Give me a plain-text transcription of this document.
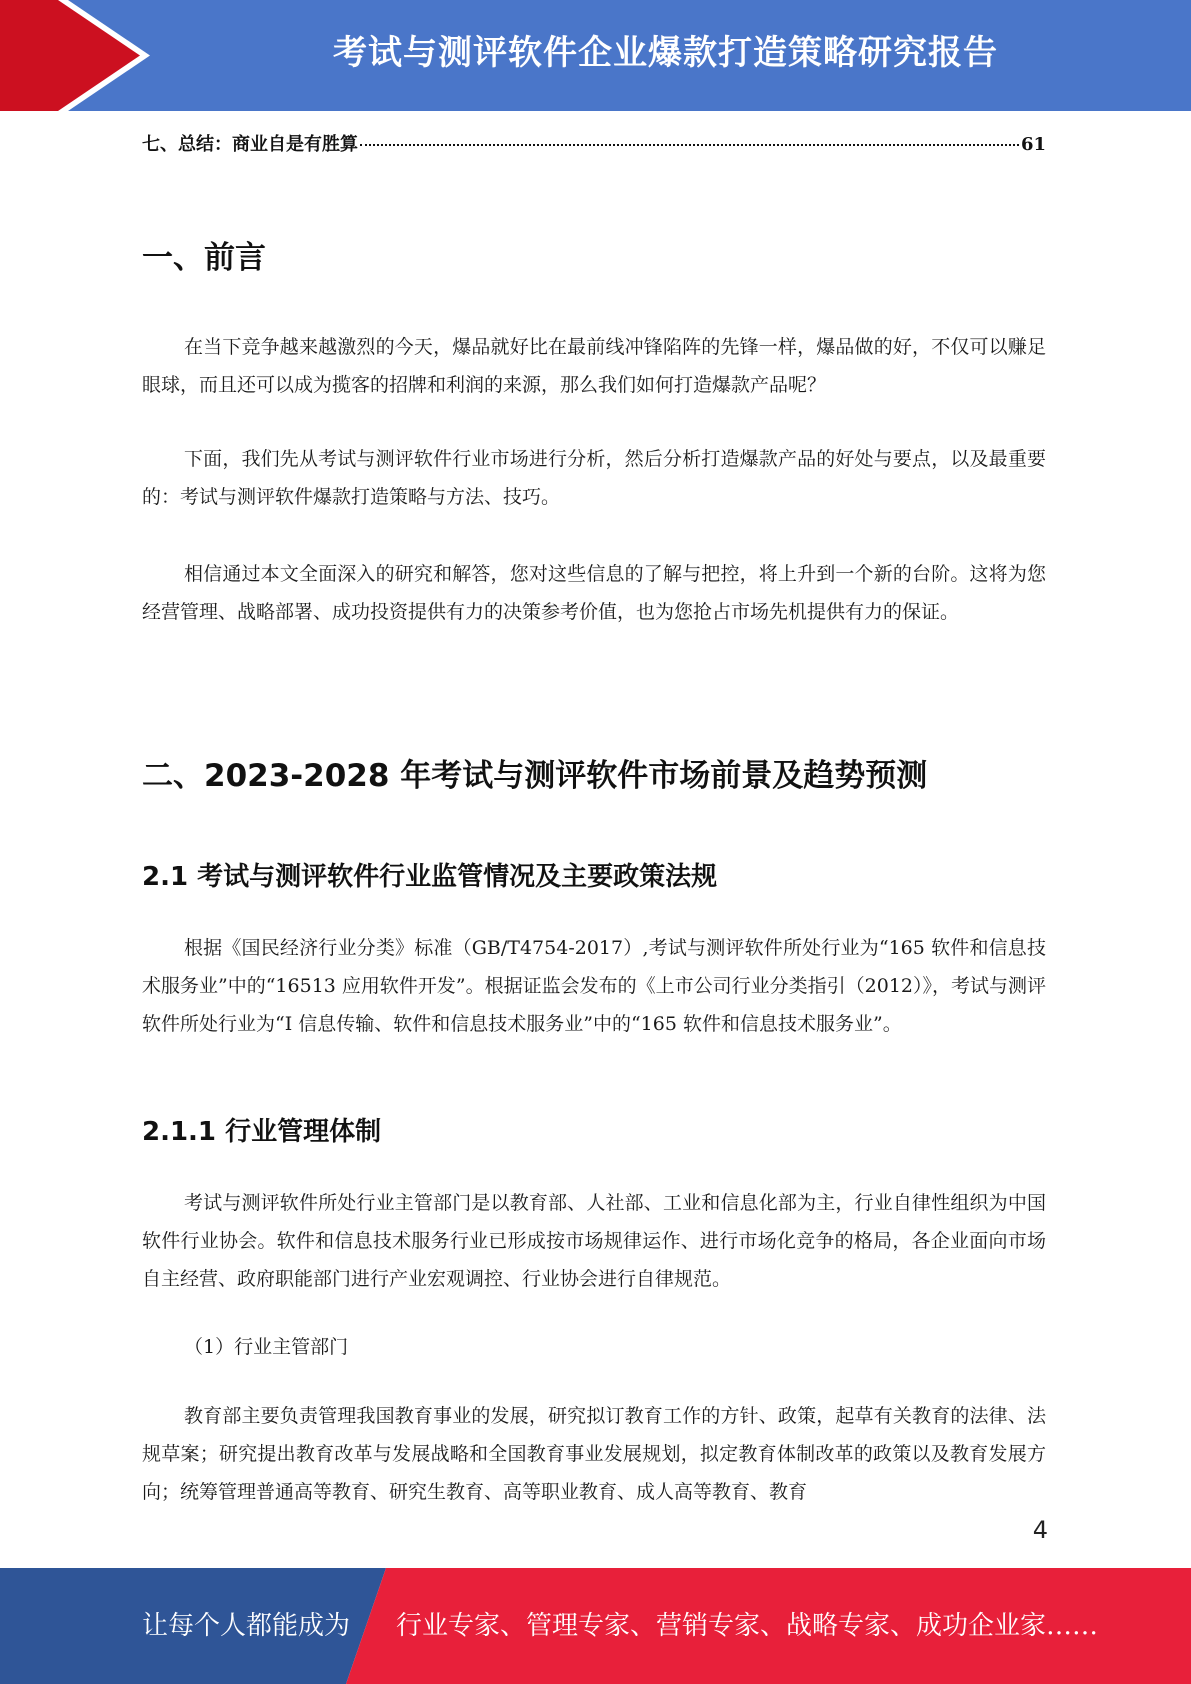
考试与测评软件企业爆款打造策略研究报告
七、总结：商业自是有胜算	61
一、前言

在当下竞争越来越激烈的今天，爆品就好比在最前线冲锋陷阵的先锋一样，爆品做的好，不仅可以赚足眼球，而且还可以成为揽客的招牌和利润的来源，那么我们如何打造爆款产品呢？

下面，我们先从考试与测评软件行业市场进行分析，然后分析打造爆款产品的好处与要点，以及最重要的：考试与测评软件爆款打造策略与方法、技巧。

相信通过本文全面深入的研究和解答，您对这些信息的了解与把控，将上升到一个新的台阶。这将为您经营管理、战略部署、成功投资提供有力的决策参考价值，也为您抢占市场先机提供有力的保证。

二、2023-2028 年考试与测评软件市场前景及趋势预测
2.1 考试与测评软件行业监管情况及主要政策法规

根据《国民经济行业分类》标准（GB/T4754-2017）,考试与测评软件所处行业为“165 软件和信息技术服务业”中的“16513 应用软件开发”。根据证监会发布的《上市公司行业分类指引（2012）》，考试与测评软件所处行业为“I 信息传输、软件和信息技术服务业”中的“165 软件和信息技术服务业”。

2.1.1 行业管理体制

考试与测评软件所处行业主管部门是以教育部、人社部、工业和信息化部为主，行业自律性组织为中国软件行业协会。软件和信息技术服务行业已形成按市场规律运作、进行市场化竞争的格局，各企业面向市场自主经营、政府职能部门进行产业宏观调控、行业协会进行自律规范。

（1）行业主管部门

教育部主要负责管理我国教育事业的发展，研究拟订教育工作的方针、政策，起草有关教育的法律、法规草案；研究提出教育改革与发展战略和全国教育事业发展规划，拟定教育体制改革的政策以及教育发展方向；统筹管理普通高等教育、研究生教育、高等职业教育、成人高等教育、教育

4
让每个人都能成为 行业专家、管理专家、营销专家、战略专家、成功企业家……
